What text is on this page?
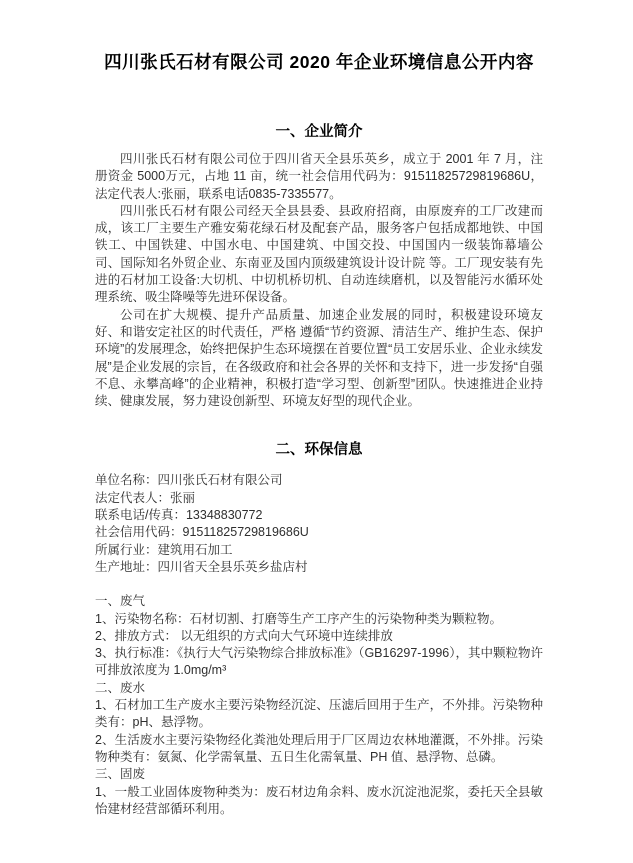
四川张氏石材有限公司 2020 年企业环境信息公开内容
一、企业简介

四川张氏石材有限公司位于四川省天全县乐英乡，成立于 2001 年 7 月，注册资金 5000万元，占地 11 亩，统一社会信用代码为：91511825729819686U，法定代表人:张丽，联系电话0835-7335577。

四川张氏石材有限公司经天全县县委、县政府招商，由原废弃的工厂改建而成，该工厂主要生产雅安菊花绿石材及配套产品，服务客户包括成都地铁、中国铁工、中国铁建、中国水电、中国建筑、中国交投、中国国内一级装饰幕墙公司、国际知名外贸企业、东南亚及国内顶级建筑设计设计院 等。工厂现安装有先进的石材加工设备:大切机、中切机桥切机、自动连续磨机，以及智能污水循环处理系统、吸尘降噪等先进环保设备。

公司在扩大规模、提升产品质量、加速企业发展的同时，积极建设环境友好、和谐安定社区的时代责任，严格 遵循“节约资源、清洁生产、维护生态、保护环境”的发展理念，始终把保护生态环境摆在首要位置“员工安居乐业、企业永续发展”是企业发展的宗旨，在各级政府和社会各界的关怀和支持下，进一步发扬“自强不息、永攀高峰”的企业精神，积极打造“学习型、创新型”团队。快速推进企业持续、健康发展，努力建设创新型、环境友好型的现代企业。

二、环保信息
单位名称：四川张氏石材有限公司
法定代表人：张丽
联系电话/传真：13348830772
社会信用代码：91511825729819686U
所属行业：建筑用石加工
生产地址：四川省天全县乐英乡盐店村

一、废气

1、污染物名称：石材切割、打磨等生产工序产生的污染物种类为颗粒物。

2、排放方式： 以无组织的方式向大气环境中连续排放

3、执行标准：《执行大气污染物综合排放标准》（GB16297-1996），其中颗粒物许可排放浓度为 1.0mg/m³

二、废水

1、石材加工生产废水主要污染物经沉淀、压滤后回用于生产，不外排。污染物种类有：pH、悬浮物。

2、生活废水主要污染物经化粪池处理后用于厂区周边农林地灌溉，不外排。污染物种类有：氨氮、化学需氧量、五日生化需氧量、PH 值、悬浮物、总磷。

三、固废

1、一般工业固体废物种类为：废石材边角余料、废水沉淀池泥浆，委托天全县敏怡建材经营部循环利用。
